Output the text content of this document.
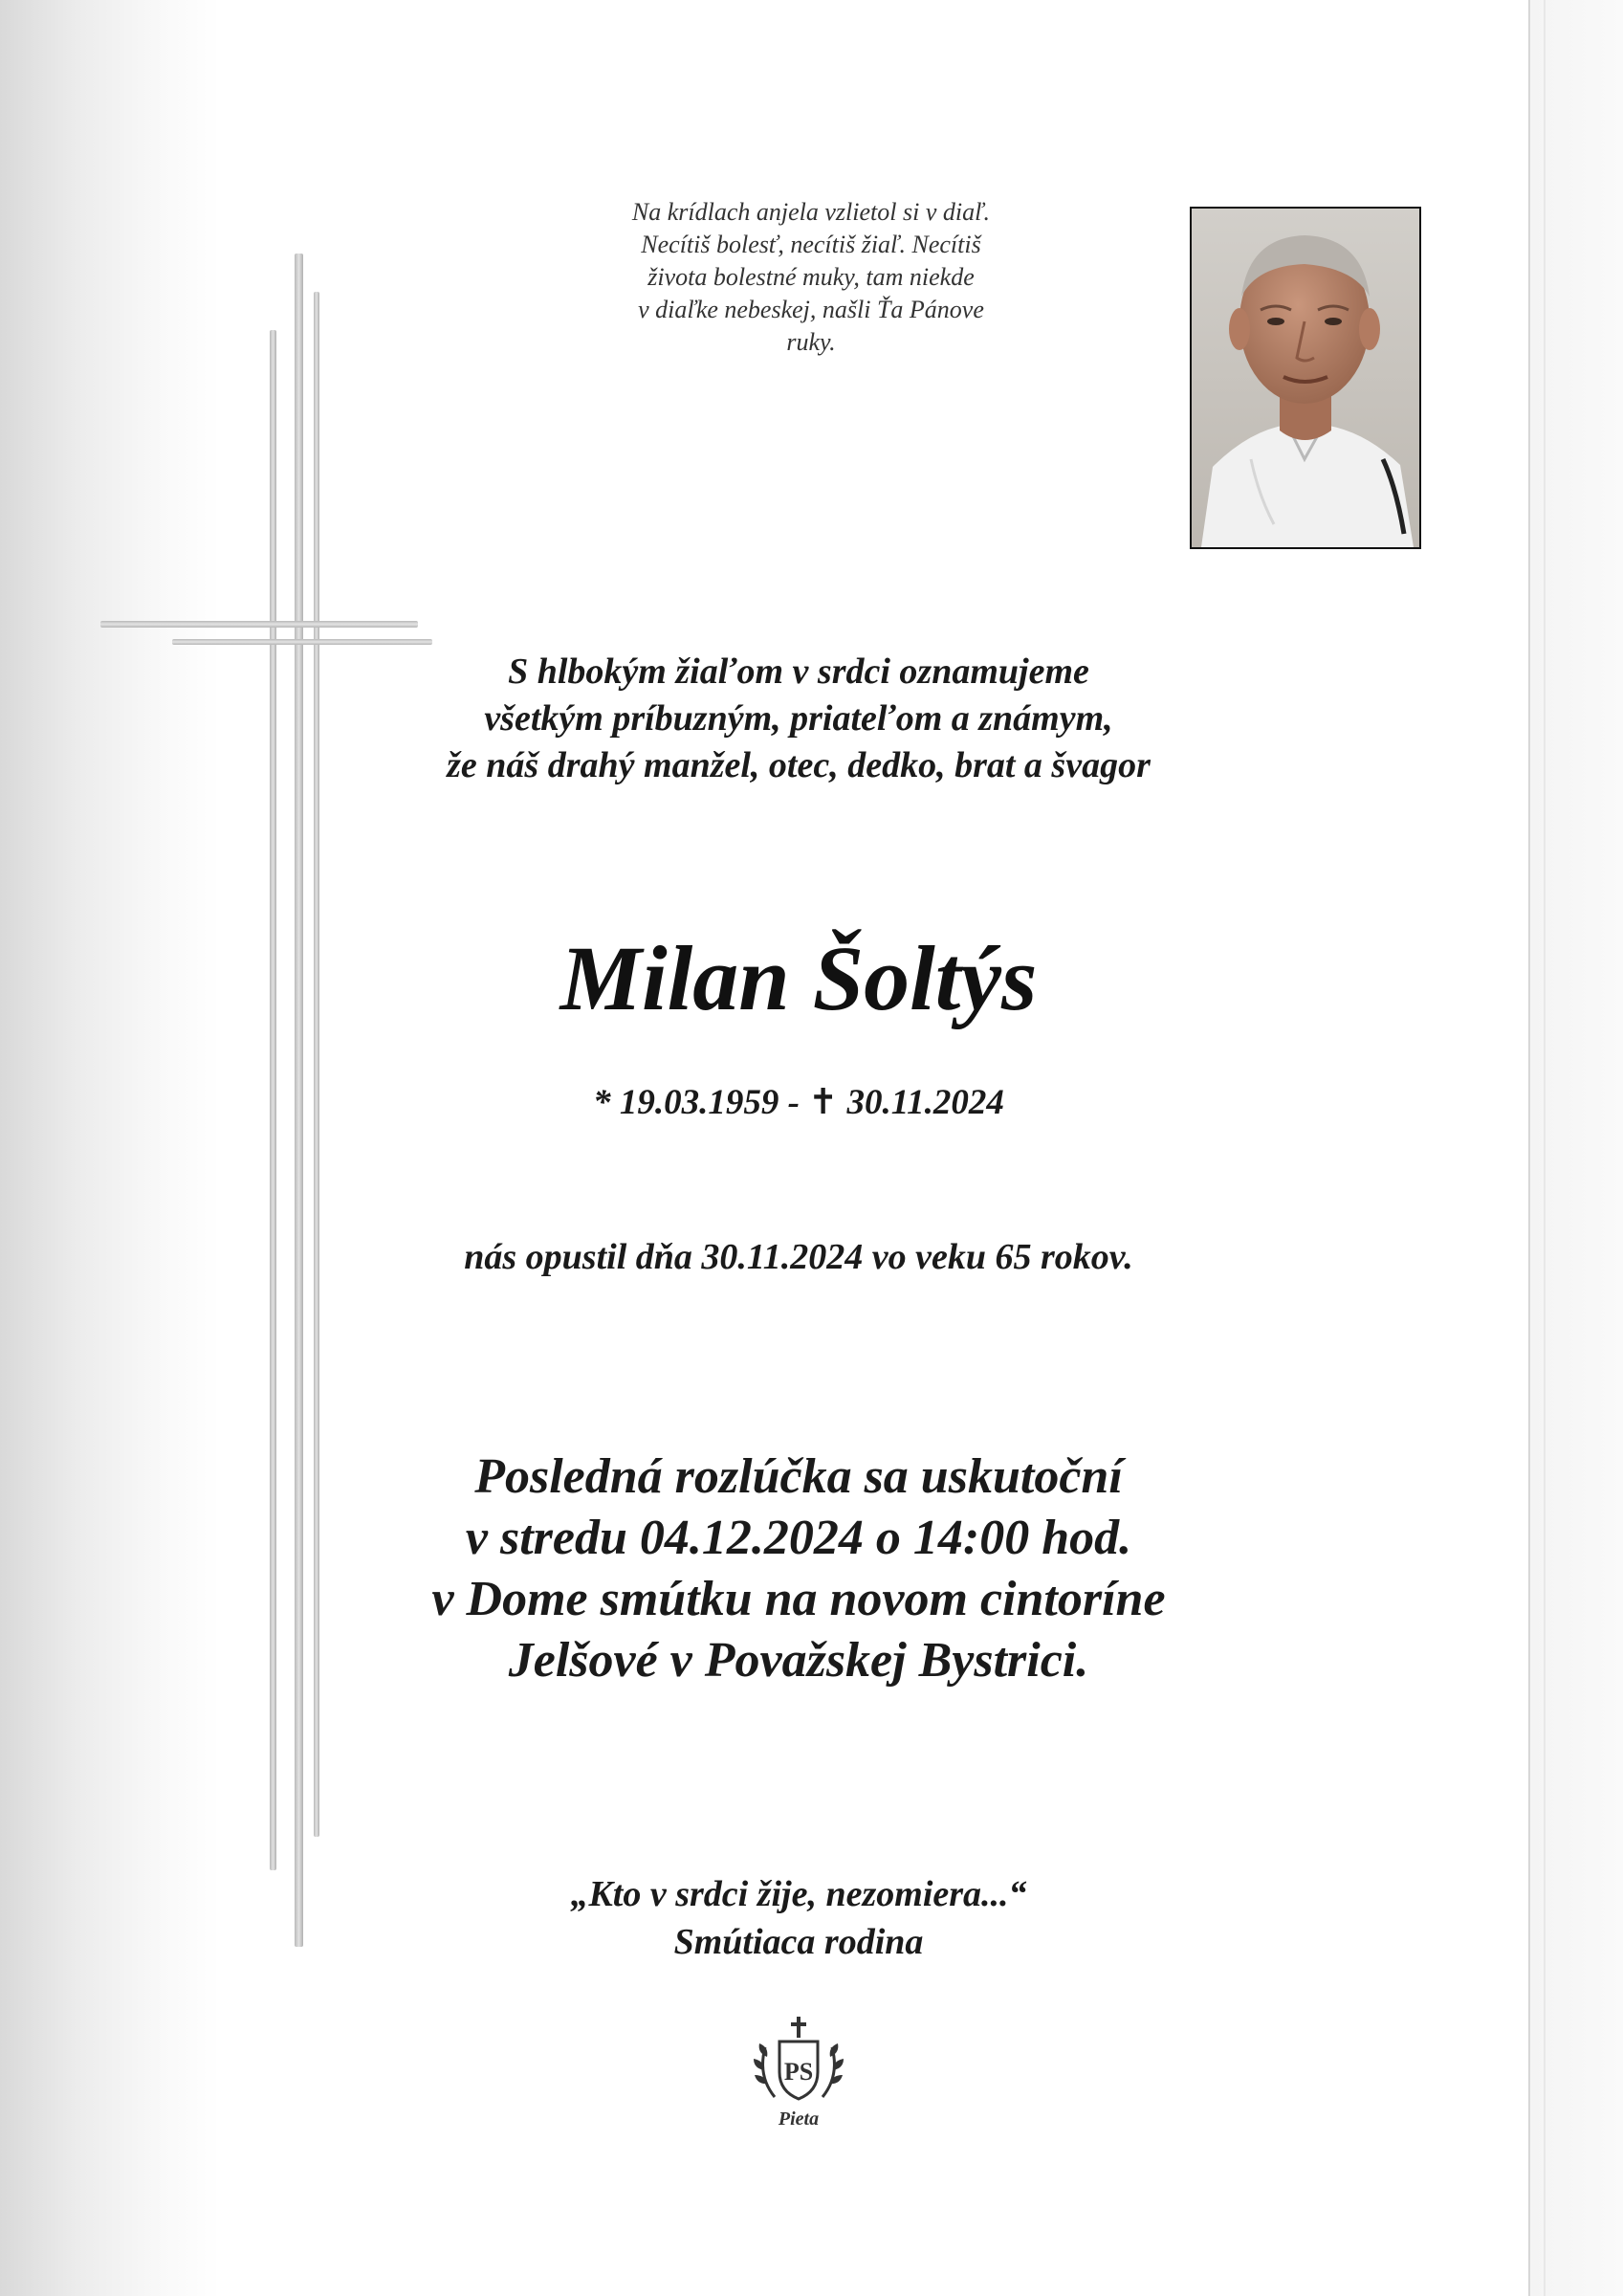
Na krídlach anjela vzlietol si v diaľ.
Necítiš bolesť, necítiš žiaľ. Necítiš
života bolestné muky, tam niekde
v diaľke nebeskej, našli Ťa Pánove
ruky.
S hlbokým žiaľom v srdci oznamujeme
všetkým príbuzným, priateľom a známym,
že náš drahý manžel, otec, dedko, brat a švagor
Milan Šoltýs
* 19.03.1959 - ✝ 30.11.2024
nás opustil dňa 30.11.2024 vo veku 65 rokov.
Posledná rozlúčka sa uskutoční
v stredu 04.12.2024 o 14:00 hod.
v Dome smútku na novom cintoríne
Jelšové v Považskej Bystrici.
„Kto v srdci žije, nezomiera...“
Smútiaca rodina
PS
Pieta
